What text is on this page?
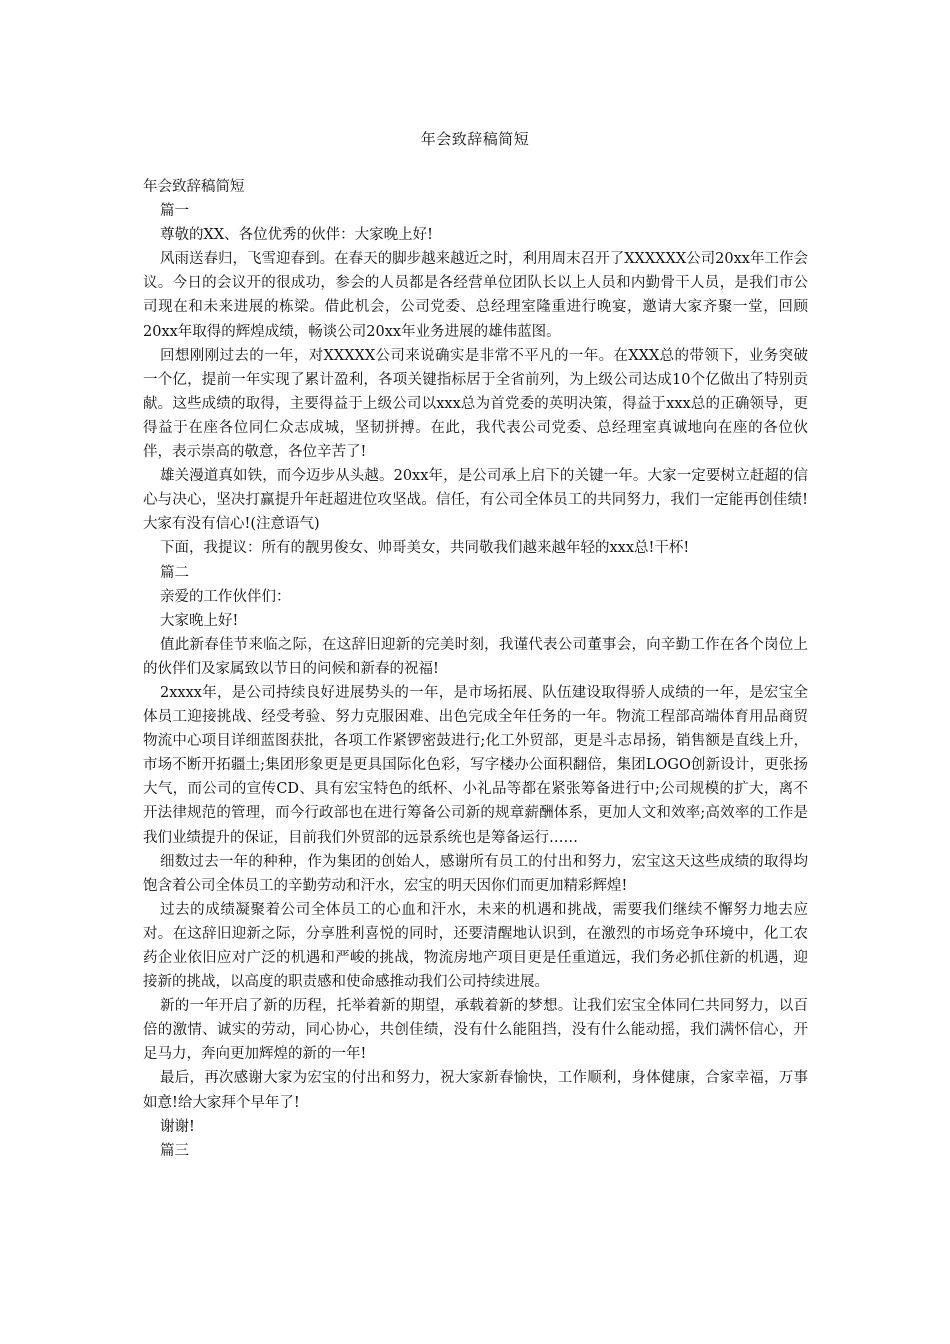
年会致辞稿简短

年会致辞稿简短

篇一

尊敬的XX、各位优秀的伙伴：大家晚上好!

风雨送春归，飞雪迎春到。在春天的脚步越来越近之时，利用周末召开了XXXXXX公司20xx年工作会议。今日的会议开的很成功，参会的人员都是各经营单位团队长以上人员和内勤骨干人员，是我们市公司现在和未来进展的栋梁。借此机会，公司党委、总经理室隆重进行晚宴，邀请大家齐聚一堂，回顾20xx年取得的辉煌成绩，畅谈公司20xx年业务进展的雄伟蓝图。

回想刚刚过去的一年，对XXXXX公司来说确实是非常不平凡的一年。在XXX总的带领下，业务突破一个亿，提前一年实现了累计盈利，各项关键指标居于全省前列，为上级公司达成10个亿做出了特别贡献。这些成绩的取得，主要得益于上级公司以xxx总为首党委的英明决策，得益于xxx总的正确领导，更得益于在座各位同仁众志成城，坚韧拼搏。在此，我代表公司党委、总经理室真诚地向在座的各位伙伴，表示崇高的敬意，各位辛苦了!

雄关漫道真如铁，而今迈步从头越。20xx年，是公司承上启下的关键一年。大家一定要树立赶超的信心与决心，坚决打赢提升年赶超进位攻坚战。信任，有公司全体员工的共同努力，我们一定能再创佳绩!大家有没有信心!(注意语气)

下面，我提议：所有的靓男俊女、帅哥美女，共同敬我们越来越年轻的xxx总!干杯!

篇二

亲爱的工作伙伴们：

大家晚上好!

值此新春佳节来临之际，在这辞旧迎新的完美时刻，我谨代表公司董事会，向辛勤工作在各个岗位上的伙伴们及家属致以节日的问候和新春的祝福!

2xxxx年，是公司持续良好进展势头的一年，是市场拓展、队伍建设取得骄人成绩的一年，是宏宝全体员工迎接挑战、经受考验、努力克服困难、出色完成全年任务的一年。物流工程部高端体育用品商贸物流中心项目详细蓝图获批，各项工作紧锣密鼓进行;化工外贸部，更是斗志昂扬，销售额是直线上升，市场不断开拓疆土;集团形象更是更具国际化色彩，写字楼办公面积翻倍，集团LOGO创新设计，更张扬大气，而公司的宣传CD、具有宏宝特色的纸杯、小礼品等都在紧张筹备进行中;公司规模的扩大，离不开法律规范的管理，而今行政部也在进行筹备公司新的规章薪酬体系，更加人文和效率;高效率的工作是我们业绩提升的保证，目前我们外贸部的远景系统也是筹备运行……

细数过去一年的种种，作为集团的创始人，感谢所有员工的付出和努力，宏宝这天这些成绩的取得均饱含着公司全体员工的辛勤劳动和汗水，宏宝的明天因你们而更加精彩辉煌!

过去的成绩凝聚着公司全体员工的心血和汗水，未来的机遇和挑战，需要我们继续不懈努力地去应对。在这辞旧迎新之际，分享胜利喜悦的同时，还要清醒地认识到，在激烈的市场竞争环境中，化工农药企业依旧应对广泛的机遇和严峻的挑战，物流房地产项目更是任重道远，我们务必抓住新的机遇，迎接新的挑战，以高度的职责感和使命感推动我们公司持续进展。

新的一年开启了新的历程，托举着新的期望，承载着新的梦想。让我们宏宝全体同仁共同努力，以百倍的激情、诚实的劳动，同心协心，共创佳绩，没有什么能阻挡，没有什么能动摇，我们满怀信心，开足马力，奔向更加辉煌的新的一年!

最后，再次感谢大家为宏宝的付出和努力，祝大家新春愉快，工作顺利，身体健康，合家幸福，万事如意!给大家拜个早年了!

谢谢!

篇三
